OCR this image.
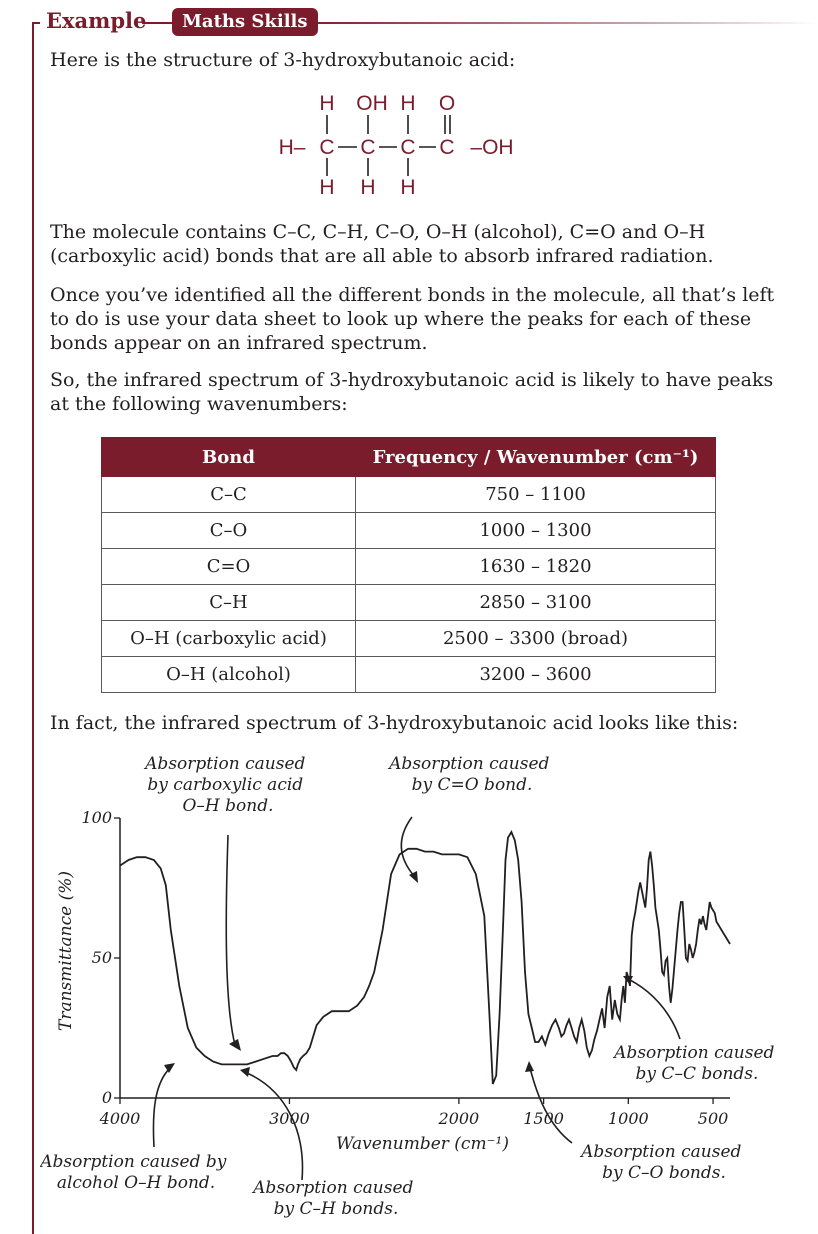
Example	Maths Skills

Here is the structure of 3-hydroxybutanoic acid:

H OH H O
H– C C C C –OH
H H H

The molecule contains C–C, C–H, C–O, O–H (alcohol), C=O and O–H (carboxylic acid) bonds that are all able to absorb infrared radiation.

Once you’ve identified all the different bonds in the molecule, all that’s left to do is use your data sheet to look up where the peaks for each of these bonds appear on an infrared spectrum.

So, the infrared spectrum of 3-hydroxybutanoic acid is likely to have peaks at the following wavenumbers:

Bond	Frequency / Wavenumber (cm⁻¹)
C–C	750 – 1100
C–O	1000 – 1300
C=O	1630 – 1820
C–H	2850 – 3100
O–H (carboxylic acid)	2500 – 3300 (broad)
O–H (alcohol)	3200 – 3600

In fact, the infrared spectrum of 3-hydroxybutanoic acid looks like this:

4000	3000	2000	1500	1000	500
0
50
100
Transmittance (%)
Wavenumber (cm⁻¹)
Absorption caused by carboxylic acid O–H bond.
Absorption caused by C=O bond.
Absorption caused by C–C bonds.
Absorption caused by C–O bonds.
Absorption caused by alcohol O–H bond.	Absorption caused by C–H bonds.
